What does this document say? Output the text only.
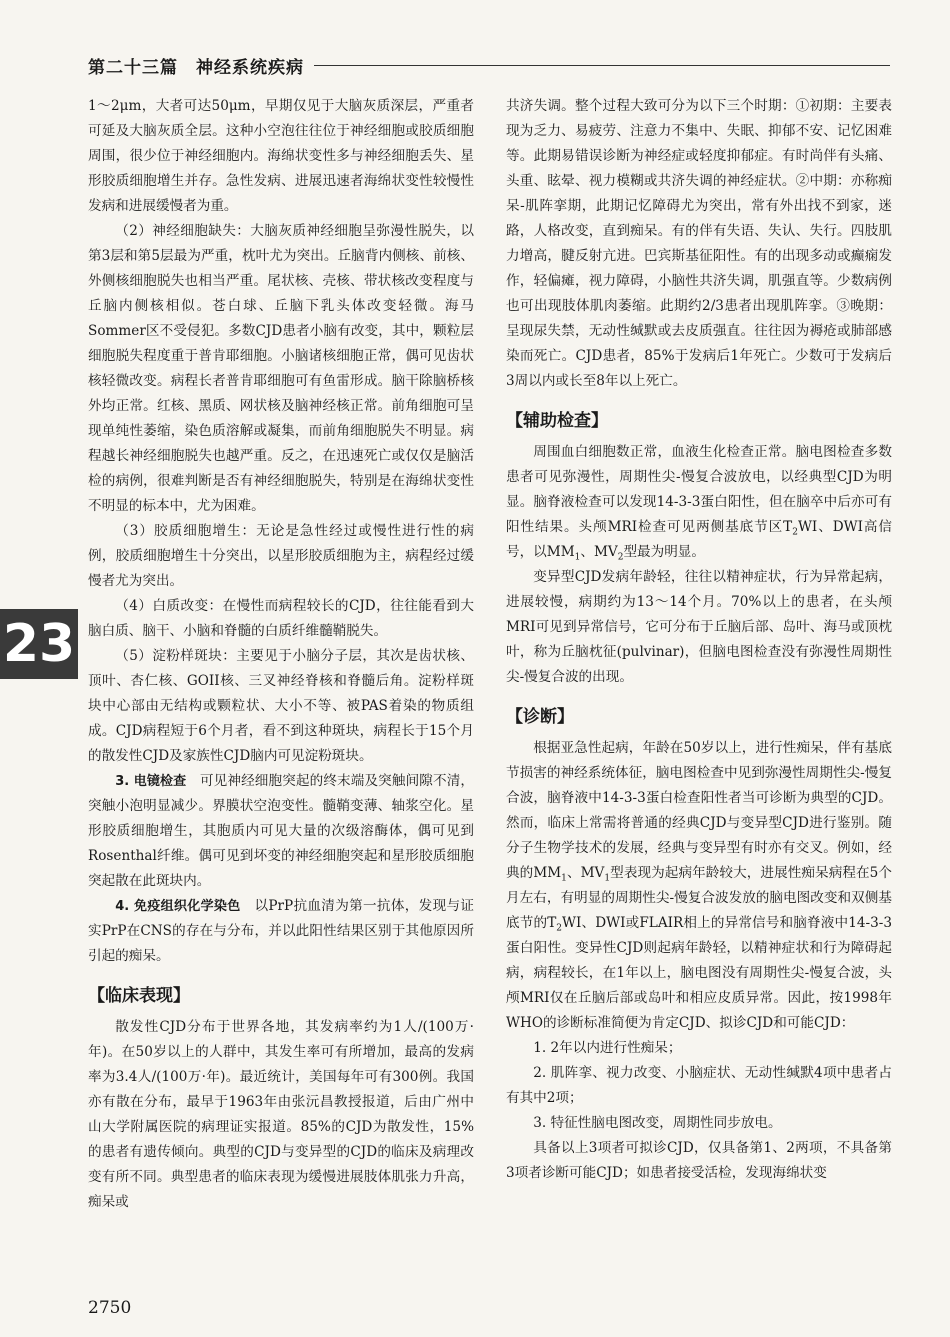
第二十三篇　神经系统疾病
23

1～2μm，大者可达50μm，早期仅见于大脑灰质深层，严重者可延及大脑灰质全层。这种小空泡往往位于神经细胞或胶质细胞周围，很少位于神经细胞内。海绵状变性多与神经细胞丢失、星形胶质细胞增生并存。急性发病、进展迅速者海绵状变性较慢性发病和进展缓慢者为重。

（2）神经细胞缺失：大脑灰质神经细胞呈弥漫性脱失，以第3层和第5层最为严重，枕叶尤为突出。丘脑背内侧核、前核、外侧核细胞脱失也相当严重。尾状核、壳核、带状核改变程度与丘脑内侧核相似。苍白球、丘脑下乳头体改变轻微。海马Sommer区不受侵犯。多数CJD患者小脑有改变，其中，颗粒层细胞脱失程度重于普肯耶细胞。小脑诸核细胞正常，偶可见齿状核轻微改变。病程长者普肯耶细胞可有鱼雷形成。脑干除脑桥核外均正常。红核、黑质、网状核及脑神经核正常。前角细胞可呈现单纯性萎缩，染色质溶解或凝集，而前角细胞脱失不明显。病程越长神经细胞脱失也越严重。反之，在迅速死亡或仅仅是脑活检的病例，很难判断是否有神经细胞脱失，特别是在海绵状变性不明显的标本中，尤为困难。

（3）胶质细胞增生：无论是急性经过或慢性进行性的病例，胶质细胞增生十分突出，以星形胶质细胞为主，病程经过缓慢者尤为突出。

（4）白质改变：在慢性而病程较长的CJD，往往能看到大脑白质、脑干、小脑和脊髓的白质纤维髓鞘脱失。

（5）淀粉样斑块：主要见于小脑分子层，其次是齿状核、顶叶、杏仁核、GOII核、三叉神经脊核和脊髓后角。淀粉样斑块中心部由无结构或颗粒状、大小不等、被PAS着染的物质组成。CJD病程短于6个月者，看不到这种斑块，病程长于15个月的散发性CJD及家族性CJD脑内可见淀粉斑块。

3. 电镜检查　可见神经细胞突起的终末端及突触间隙不清，突触小泡明显减少。界膜状空泡变性。髓鞘变薄、轴浆空化。星形胶质细胞增生，其胞质内可见大量的次级溶酶体，偶可见到Rosenthal纤维。偶可见到坏变的神经细胞突起和星形胶质细胞突起散在此斑块内。

4. 免疫组织化学染色　以PrP抗血清为第一抗体，发现与证实PrP在CNS的存在与分布，并以此阳性结果区别于其他原因所引起的痴呆。

【临床表现】

散发性CJD分布于世界各地，其发病率约为1人/(100万·年)。在50岁以上的人群中，其发生率可有所增加，最高的发病率为3.4人/(100万·年)。最近统计，美国每年可有300例。我国亦有散在分布，最早于1963年由张沅昌教授报道，后由广州中山大学附属医院的病理证实报道。85%的CJD为散发性，15%的患者有遗传倾向。典型的CJD与变异型的CJD的临床及病理改变有所不同。典型患者的临床表现为缓慢进展肢体肌张力升高，痴呆或

共济失调。整个过程大致可分为以下三个时期：①初期：主要表现为乏力、易疲劳、注意力不集中、失眠、抑郁不安、记忆困难等。此期易错误诊断为神经症或轻度抑郁症。有时尚伴有头痛、头重、眩晕、视力模糊或共济失调的神经症状。②中期：亦称痴呆-肌阵挛期，此期记忆障碍尤为突出，常有外出找不到家，迷路，人格改变，直到痴呆。有的伴有失语、失认、失行。四肢肌力增高，腱反射亢进。巴宾斯基征阳性。有的出现多动或癫痫发作，轻偏瘫，视力障碍，小脑性共济失调，肌强直等。少数病例也可出现肢体肌肉萎缩。此期约2/3患者出现肌阵挛。③晚期：呈现尿失禁，无动性缄默或去皮质强直。往往因为褥疮或肺部感染而死亡。CJD患者，85%于发病后1年死亡。少数可于发病后3周以内或长至8年以上死亡。

【辅助检查】

周围血白细胞数正常，血液生化检查正常。脑电图检查多数患者可见弥漫性，周期性尖-慢复合波放电，以经典型CJD为明显。脑脊液检查可以发现14-3-3蛋白阳性，但在脑卒中后亦可有阳性结果。头颅MRI检查可见两侧基底节区$T_2WI$、DWI高信号，以$MM_1$、$MV_2$型最为明显。

变异型CJD发病年龄轻，往往以精神症状，行为异常起病，进展较慢，病期约为13～14个月。70%以上的患者，在头颅MRI可见到异常信号，它可分布于丘脑后部、岛叶、海马或顶枕叶，称为丘脑枕征(pulvinar)，但脑电图检查没有弥漫性周期性尖-慢复合波的出现。

【诊断】

根据亚急性起病，年龄在50岁以上，进行性痴呆，伴有基底节损害的神经系统体征，脑电图检查中见到弥漫性周期性尖-慢复合波，脑脊液中14-3-3蛋白检查阳性者当可诊断为典型的CJD。然而，临床上常需将普通的经典CJD与变异型CJD进行鉴别。随分子生物学技术的发展，经典与变异型有时亦有交叉。例如，经典的$MM_1$、$MV_1$型表现为起病年龄较大，进展性痴呆病程在5个月左右，有明显的周期性尖-慢复合波发放的脑电图改变和双侧基底节的$T_2WI$、DWI或FLAIR相上的异常信号和脑脊液中14-3-3蛋白阳性。变异性CJD则起病年龄轻，以精神症状和行为障碍起病，病程较长，在1年以上，脑电图没有周期性尖-慢复合波，头颅MRI仅在丘脑后部或岛叶和相应皮质异常。因此，按1998年WHO的诊断标准简便为肯定CJD、拟诊CJD和可能CJD：

1. 2年以内进行性痴呆；

2. 肌阵挛、视力改变、小脑症状、无动性缄默4项中患者占有其中2项；

3. 特征性脑电图改变，周期性同步放电。

具备以上3项者可拟诊CJD，仅具备第1、2两项，不具备第3项者诊断可能CJD；如患者接受活检，发现海绵状变

2750
